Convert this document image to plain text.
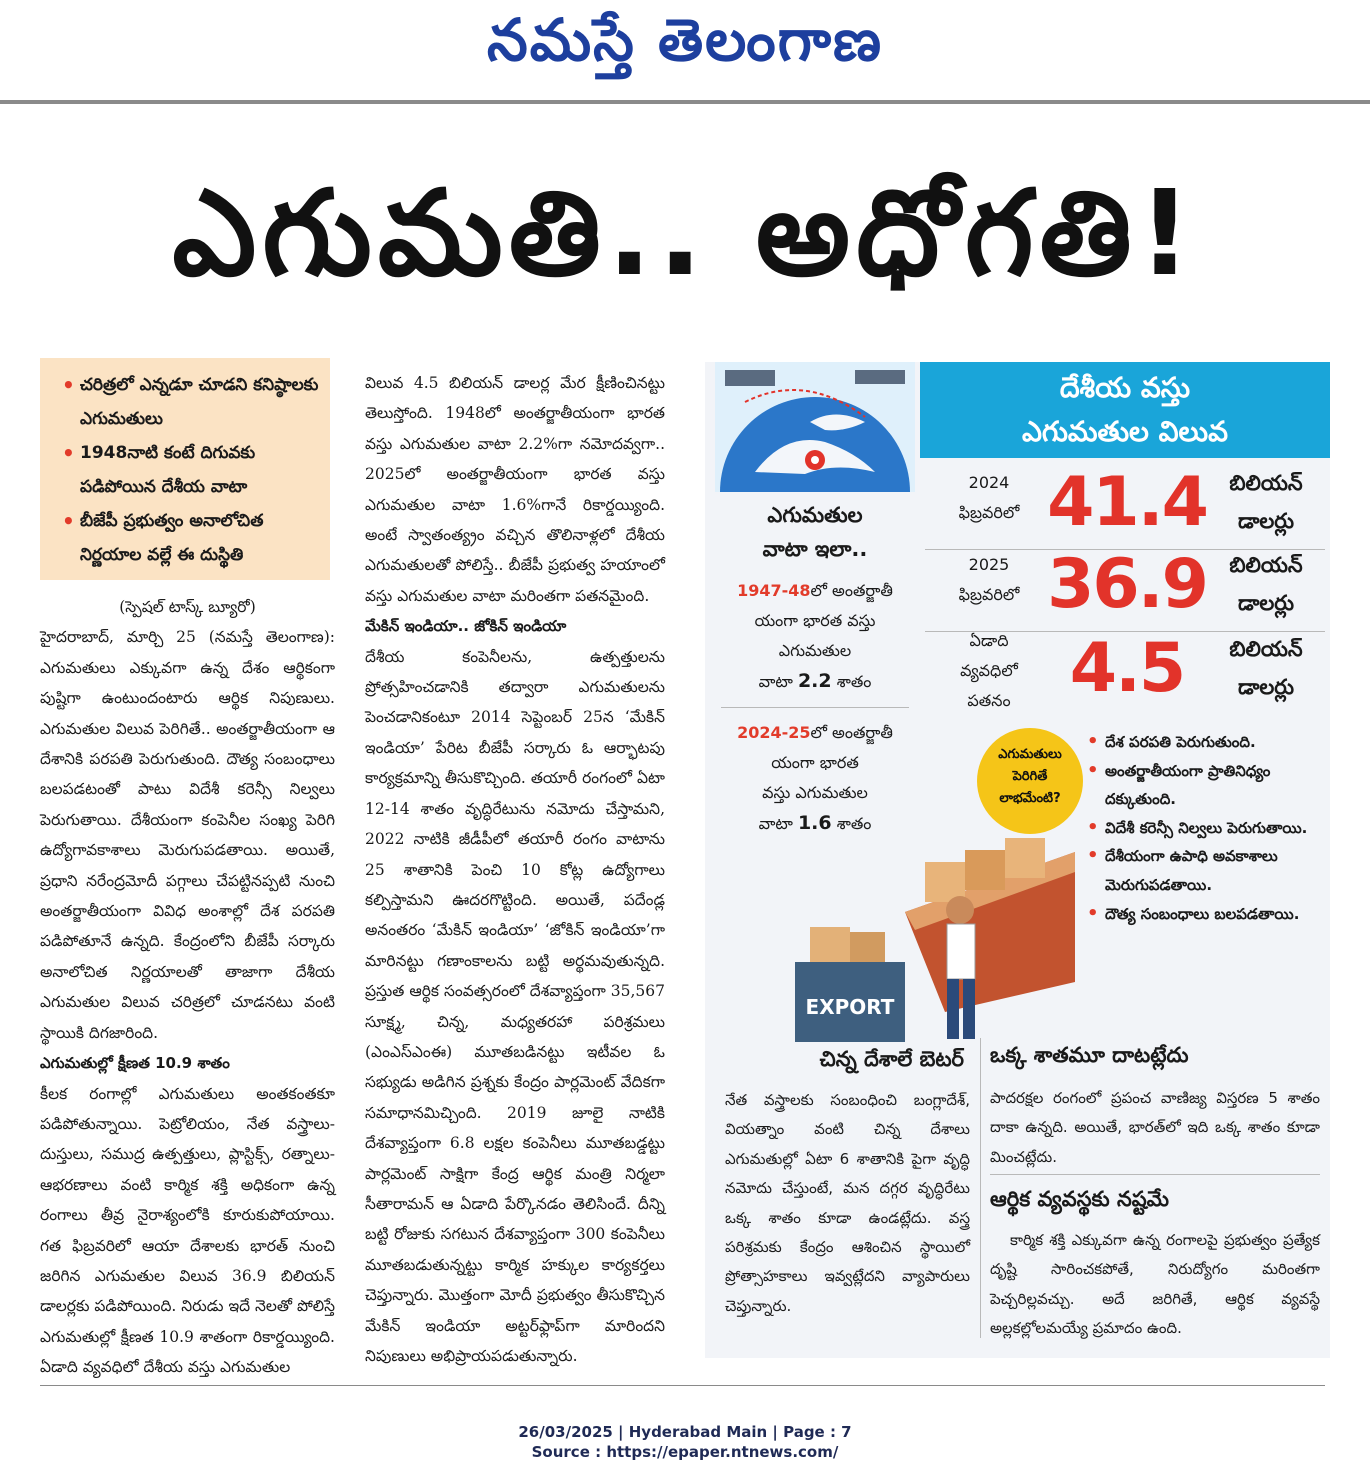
నమస్తే తెలంగాణ
ఎగుమతి.. అధోగతి!
• చరిత్రలో ఎన్నడూ చూడని కనిష్ఠాలకు ఎగుమతులు
• 1948నాటి కంటే దిగువకు పడిపోయిన దేశీయ వాటా
• బీజేపీ ప్రభుత్వం అనాలోచిత నిర్ణయాల వల్లే ఈ దుస్థితి
(స్పెషల్‌ టాస్క్‌ బ్యూరో)

హైదరాబాద్‌, మార్చి 25 (నమస్తే తెలంగాణ): ఎగుమతులు ఎక్కువగా ఉన్న దేశం ఆర్థికంగా పుష్టిగా ఉంటుందంటారు ఆర్థిక నిపుణులు. ఎగుమతుల విలువ పెరిగితే.. అంతర్జాతీయంగా ఆ దేశానికి పరపతి పెరుగుతుంది. దౌత్య సంబంధాలు బలపడటంతో పాటు విదేశీ కరెన్సీ నిల్వలు పెరుగుతాయి. దేశీయంగా కంపెనీల సంఖ్య పెరిగి ఉద్యోగావకాశాలు మెరుగుపడతాయి. అయితే, ప్రధాని నరేంద్రమోదీ పగ్గాలు చేపట్టినప్పటి నుంచి అంతర్జాతీయంగా వివిధ అంశాల్లో దేశ పరపతి పడిపోతూనే ఉన్నది. కేంద్రంలోని బీజేపీ సర్కారు అనాలోచిత నిర్ణయాలతో తాజాగా దేశీయ ఎగుమతుల విలువ చరిత్రలో చూడనటు వంటి స్థాయికి దిగజారింది.

ఎగుమతుల్లో క్షీణత 10.9 శాతం

కీలక రంగాల్లో ఎగుమతులు అంతకంతకూ పడిపోతున్నాయి. పెట్రోలియం, నేత వస్త్రాలు-దుస్తులు, సముద్ర ఉత్పత్తులు, ప్లాస్టిక్స్‌, రత్నాలు-ఆభరణాలు వంటి కార్మిక శక్తి అధికంగా ఉన్న రంగాలు తీవ్ర నైరాశ్యంలోకి కూరుకుపోయాయి. గత ఫిబ్రవరిలో ఆయా దేశాలకు భారత్‌ నుంచి జరిగిన ఎగుమతుల విలువ 36.9 బిలియన్‌ డాలర్లకు పడిపోయింది. నిరుడు ఇదే నెలతో పోలిస్తే ఎగుమతుల్లో క్షీణత 10.9 శాతంగా రికార్డయ్యింది. ఏడాది వ్యవధిలో దేశీయ వస్తు ఎగుమతుల

విలువ 4.5 బిలియన్‌ డాలర్ల మేర క్షీణించినట్టు తెలుస్తోంది. 1948లో అంతర్జాతీయంగా భారత వస్తు ఎగుమతుల వాటా 2.2%గా నమోదవ్వగా.. 2025లో అంతర్జాతీయంగా భారత వస్తు ఎగుమతుల వాటా 1.6%గానే రికార్డయ్యింది. అంటే స్వాతంత్య్రం వచ్చిన తొలినాళ్లలో దేశీయ ఎగుమతులతో పోలిస్తే.. బీజేపీ ప్రభుత్వ హయాంలో వస్తు ఎగుమతుల వాటా మరింతగా పతనమైంది.

మేకిన్‌ ఇండియా.. జోకిన్‌ ఇండియా

దేశీయ కంపెనీలను, ఉత్పత్తులను ప్రోత్సహించడానికి తద్వారా ఎగుమతులను పెంచడానికంటూ 2014 సెప్టెంబర్‌ 25న ‘మేకిన్‌ ఇండియా’ పేరిట బీజేపీ సర్కారు ఓ ఆర్భాటపు కార్యక్రమాన్ని తీసుకొచ్చింది. తయారీ రంగంలో ఏటా 12-14 శాతం వృద్ధిరేటును నమోదు చేస్తామని, 2022 నాటికి జీడీపీలో తయారీ రంగం వాటాను 25 శాతానికి పెంచి 10 కోట్ల ఉద్యోగాలు కల్పిస్తామని ఊదరగొట్టింది. అయితే, పదేండ్ల అనంతరం ‘మేకిన్‌ ఇండియా’ ‘జోకిన్‌ ఇండియా’గా మారినట్టు గణాంకాలను బట్టి అర్థమవుతున్నది. ప్రస్తుత ఆర్థిక సంవత్సరంలో దేశవ్యాప్తంగా 35,567 సూక్ష్మ, చిన్న, మధ్యతరహా పరిశ్రమలు (ఎంఎస్‌ఎంఈ) మూతబడినట్టు ఇటీవల ఓ సభ్యుడు అడిగిన ప్రశ్నకు కేంద్రం పార్లమెంట్‌ వేదికగా సమాధానమిచ్చింది. 2019 జూలై నాటికి దేశవ్యాప్తంగా 6.8 లక్షల కంపెనీలు మూతబడ్డట్టు పార్లమెంట్‌ సాక్షిగా కేంద్ర ఆర్థిక మంత్రి నిర్మలా సీతారామన్‌ ఆ ఏడాది పేర్కొనడం తెలిసిందే. దీన్ని బట్టి రోజుకు సగటున దేశవ్యాప్తంగా 300 కంపెనీలు మూతబడుతున్నట్టు కార్మిక హక్కుల కార్యకర్తలు చెప్తున్నారు. మొత్తంగా మోదీ ప్రభుత్వం తీసుకొచ్చిన మేకిన్‌ ఇండియా అట్టర్‌ఫ్లాప్‌గా మారిందని నిపుణులు అభిప్రాయపడుతున్నారు.

దేశీయ వస్తు
ఎగుమతుల విలువ
2024
ఫిబ్రవరిలో 41.4	బిలియన్‌
డాలర్లు
2025
ఫిబ్రవరిలో 36.9	బిలియన్‌
డాలర్లు
ఏడాది
వ్యవధిలో
పతనం 4.5	బిలియన్‌
డాలర్లు
ఎగుమతుల
వాటా ఇలా..
1947-48లో అంతర్జాతీ
యంగా భారత వస్తు
ఎగుమతుల
వాటా 2.2 శాతం
2024-25లో అంతర్జాతీ
యంగా భారత
వస్తు ఎగుమతుల
వాటా 1.6 శాతం
EXPORT
ఎగుమతులు
పెరిగితే
లాభమేంటి?
• దేశ పరపతి పెరుగుతుంది.
• అంతర్జాతీయంగా ప్రాతినిధ్యం దక్కుతుంది.
• విదేశీ కరెన్సీ నిల్వలు పెరుగుతాయి.
• దేశీయంగా ఉపాధి అవకాశాలు మెరుగుపడతాయి.
• దౌత్య సంబంధాలు బలపడతాయి.
చిన్న దేశాలే బెటర్‌
నేత వస్త్రాలకు సంబంధించి బంగ్లాదేశ్‌, వియత్నాం వంటి చిన్న దేశాలు ఎగుమతుల్లో ఏటా 6 శాతానికి పైగా వృద్ధి నమోదు చేస్తుంటే, మన దగ్గర వృద్ధిరేటు ఒక్క శాతం కూడా ఉండట్లేదు. వస్త్ర పరిశ్రమకు కేంద్రం ఆశించిన స్థాయిలో ప్రోత్సాహకాలు ఇవ్వట్లేదని వ్యాపారులు చెప్తున్నారు.
ఒక్క శాతమూ దాటట్లేదు
పాదరక్షల రంగంలో ప్రపంచ వాణిజ్య విస్తరణ 5 శాతం దాకా ఉన్నది. అయితే, భారత్‌లో ఇది ఒక్క శాతం కూడా మించట్లేదు.
ఆర్థిక వ్యవస్థకు నష్టమే
కార్మిక శక్తి ఎక్కువగా ఉన్న రంగాలపై ప్రభుత్వం ప్రత్యేక దృష్టి సారించకపోతే, నిరుద్యోగం మరింతగా పెచ్చరిల్లవచ్చు. అదే జరిగితే, ఆర్థిక వ్యవస్థే అల్లకల్లోలమయ్యే ప్రమాదం ఉంది.
26/03/2025 | Hyderabad Main | Page : 7
Source : https://epaper.ntnews.com/
